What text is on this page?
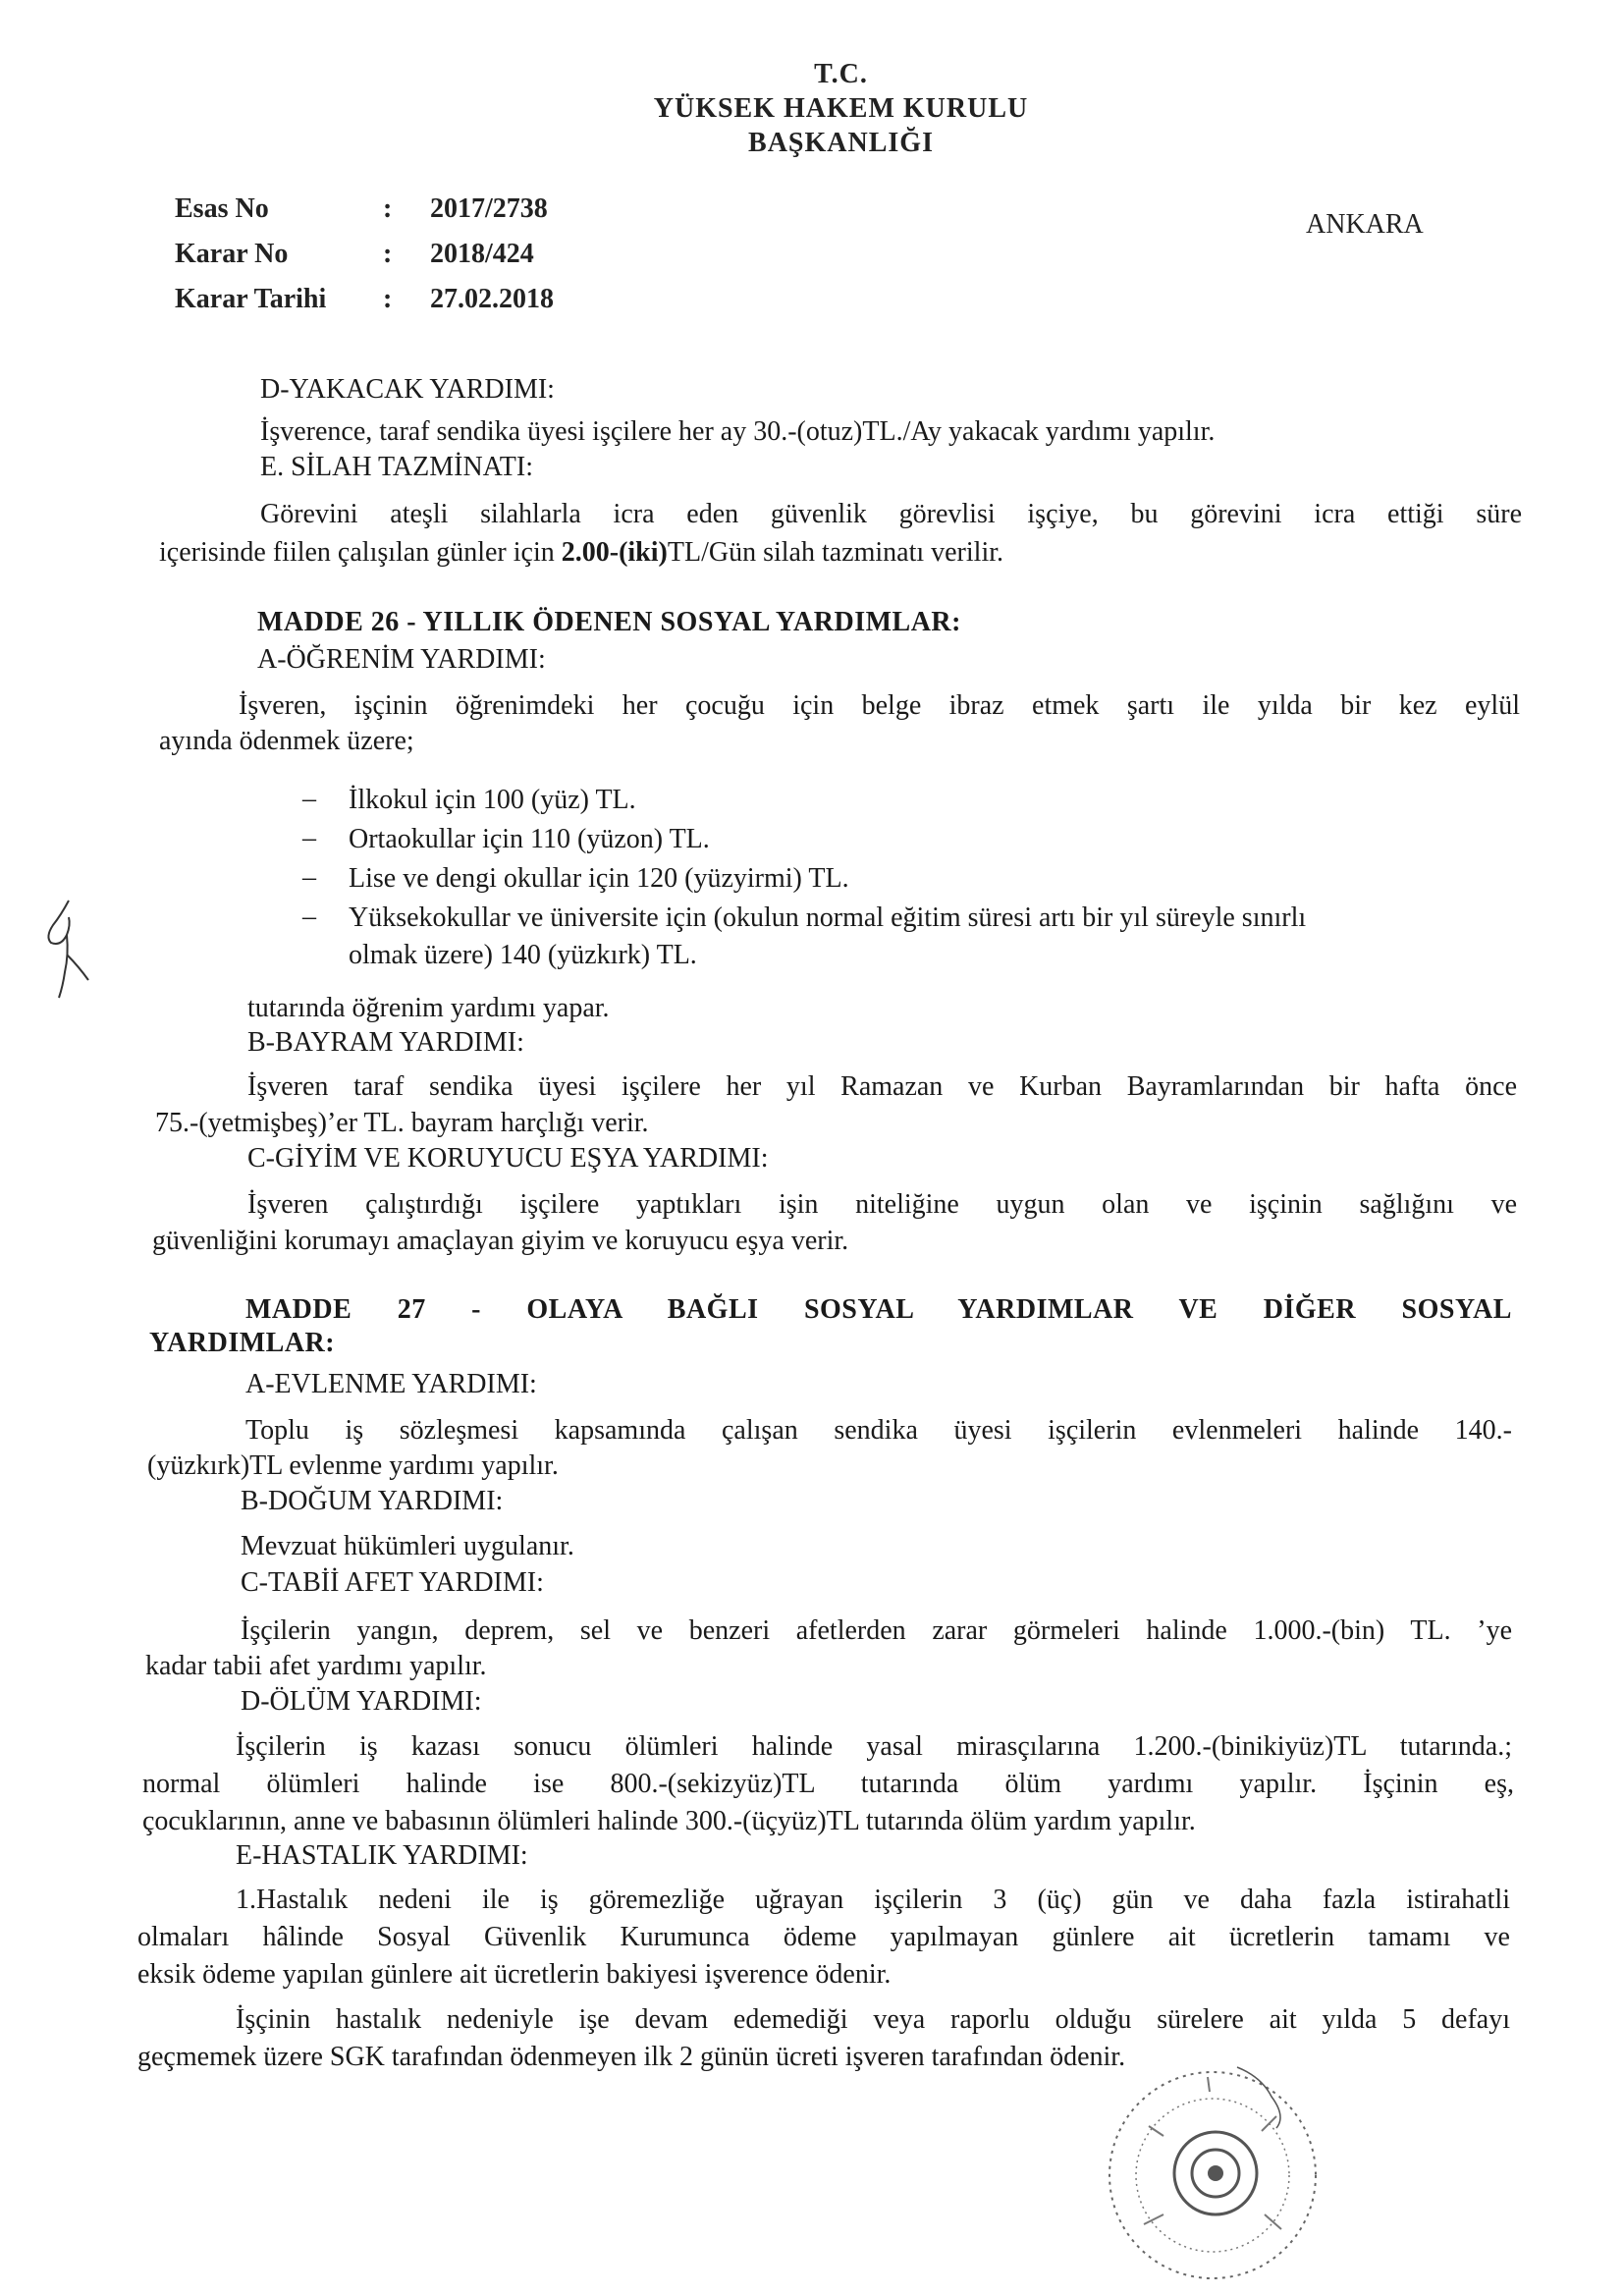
T.C.
YÜKSEK HAKEM KURULU
BAŞKANLIĞI
Esas No	:	2017/2738
Karar No	:	2018/424
Karar Tarihi	:	27.02.2018
ANKARA
D-YAKACAK YARDIMI:
İşverence, taraf sendika üyesi işçilere her ay 30.-(otuz)TL./Ay yakacak yardımı yapılır.
E. SİLAH TAZMİNATI:
Görevini ateşli silahlarla icra eden güvenlik görevlisi işçiye, bu görevini icra ettiği süre
içerisinde fiilen çalışılan günler için 2.00-(iki)TL/Gün silah tazminatı verilir.
MADDE 26 - YILLIK ÖDENEN SOSYAL YARDIMLAR:
A-ÖĞRENİM YARDIMI:
İşveren, işçinin öğrenimdeki her çocuğu için belge ibraz etmek şartı ile yılda bir kez eylül
ayında ödenmek üzere;
– İlkokul için 100 (yüz) TL.
– Ortaokullar için 110 (yüzon) TL.
– Lise ve dengi okullar için 120 (yüzyirmi) TL.
– Yüksekokullar ve üniversite için (okulun normal eğitim süresi artı bir yıl süreyle sınırlı
olmak üzere) 140 (yüzkırk) TL.
tutarında öğrenim yardımı yapar.
B-BAYRAM YARDIMI:
İşveren taraf sendika üyesi işçilere her yıl Ramazan ve Kurban Bayramlarından bir hafta önce
75.-(yetmişbeş)’er TL. bayram harçlığı verir.
C-GİYİM VE KORUYUCU EŞYA YARDIMI:
İşveren çalıştırdığı işçilere yaptıkları işin niteliğine uygun olan ve işçinin sağlığını ve
güvenliğini korumayı amaçlayan giyim ve koruyucu eşya verir.
MADDE 27 - OLAYA BAĞLI SOSYAL YARDIMLAR VE DİĞER SOSYAL
YARDIMLAR:
A-EVLENME YARDIMI:
Toplu iş sözleşmesi kapsamında çalışan sendika üyesi işçilerin evlenmeleri halinde 140.-
(yüzkırk)TL evlenme yardımı yapılır.
B-DOĞUM YARDIMI:
Mevzuat hükümleri uygulanır.
C-TABİİ AFET YARDIMI:
İşçilerin yangın, deprem, sel ve benzeri afetlerden zarar görmeleri halinde 1.000.-(bin) TL. ’ye
kadar tabii afet yardımı yapılır.
D-ÖLÜM YARDIMI:
İşçilerin iş kazası sonucu ölümleri halinde yasal mirasçılarına 1.200.-(binikiyüz)TL tutarında.;
normal ölümleri halinde ise 800.-(sekizyüz)TL tutarında ölüm yardımı yapılır. İşçinin eş,
çocuklarının, anne ve babasının ölümleri halinde 300.-(üçyüz)TL tutarında ölüm yardım yapılır.
E-HASTALIK YARDIMI:
1.Hastalık nedeni ile iş göremezliğe uğrayan işçilerin 3 (üç) gün ve daha fazla istirahatli
olmaları hâlinde Sosyal Güvenlik Kurumunca ödeme yapılmayan günlere ait ücretlerin tamamı ve
eksik ödeme yapılan günlere ait ücretlerin bakiyesi işverence ödenir.
İşçinin hastalık nedeniyle işe devam edemediği veya raporlu olduğu sürelere ait yılda 5 defayı
geçmemek üzere SGK tarafından ödenmeyen ilk 2 günün ücreti işveren tarafından ödenir.
